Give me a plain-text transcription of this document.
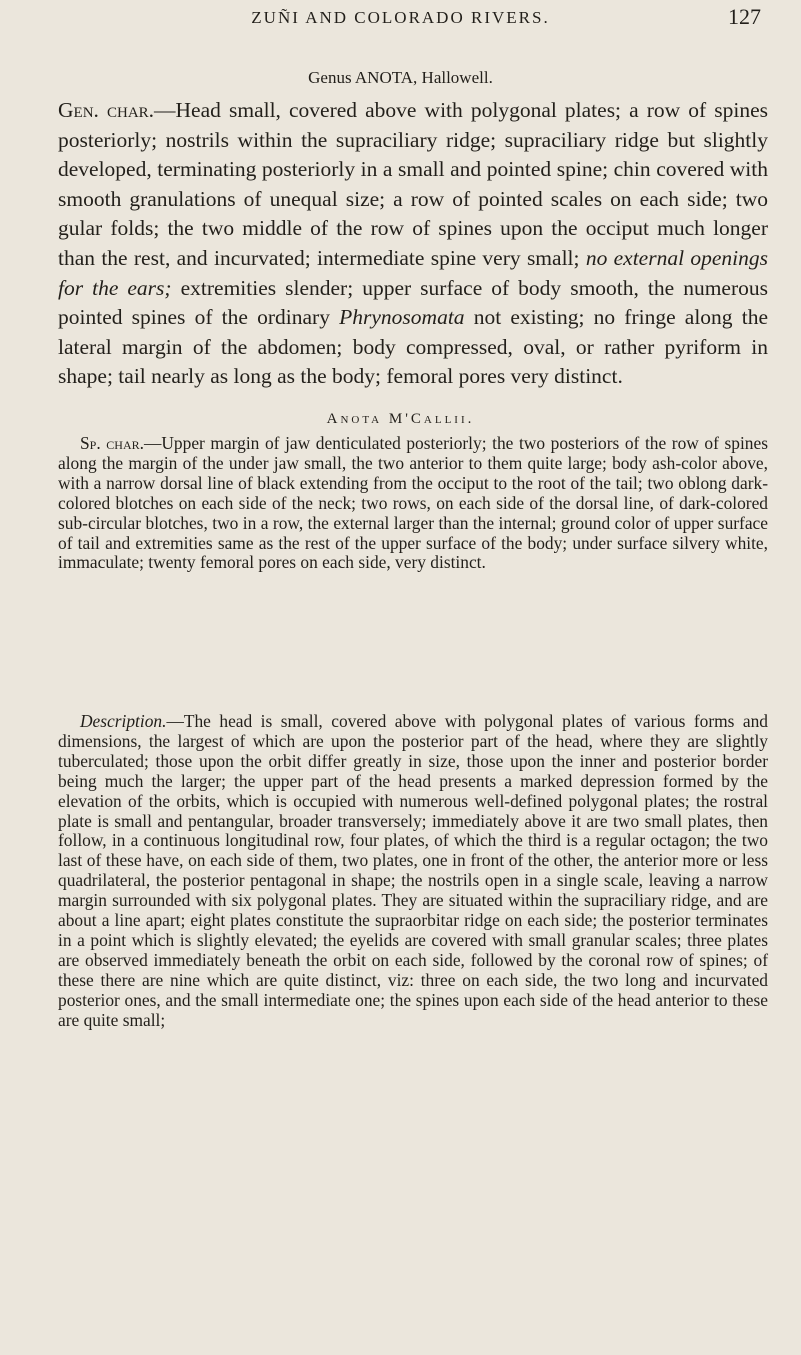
ZUÑI AND COLORADO RIVERS.	127
Genus ANOTA, Hallowell.

Gen. char.—Head small, covered above with polygonal plates; a row of spines posteriorly; nostrils within the supraciliary ridge; supraciliary ridge but slightly developed, terminating posteriorly in a small and pointed spine; chin covered with smooth granulations of unequal size; a row of pointed scales on each side; two gular folds; the two middle of the row of spines upon the occiput much longer than the rest, and incurvated; intermediate spine very small; no external openings for the ears; extremities slender; upper surface of body smooth, the numerous pointed spines of the ordinary Phrynosomata not existing; no fringe along the lateral margin of the abdomen; body compressed, oval, or rather pyriform in shape; tail nearly as long as the body; femoral pores very distinct.

Anota M'Callii.

Sp. char.—Upper margin of jaw denticulated posteriorly; the two posteriors of the row of spines along the margin of the under jaw small, the two anterior to them quite large; body ash-color above, with a narrow dorsal line of black extending from the occiput to the root of the tail; two oblong dark-colored blotches on each side of the neck; two rows, on each side of the dorsal line, of dark-colored sub-circular blotches, two in a row, the external larger than the internal; ground color of upper surface of tail and extremities same as the rest of the upper surface of the body; under surface silvery white, immaculate; twenty femoral pores on each side, very distinct.

Description.—The head is small, covered above with polygonal plates of various forms and dimensions, the largest of which are upon the posterior part of the head, where they are slightly tuberculated; those upon the orbit differ greatly in size, those upon the inner and posterior border being much the larger; the upper part of the head presents a marked depression formed by the elevation of the orbits, which is occupied with numerous well-defined polygonal plates; the rostral plate is small and pentangular, broader transversely; immediately above it are two small plates, then follow, in a continuous longitudinal row, four plates, of which the third is a regular octagon; the two last of these have, on each side of them, two plates, one in front of the other, the anterior more or less quadrilateral, the posterior pentagonal in shape; the nostrils open in a single scale, leaving a narrow margin surrounded with six polygonal plates. They are situated within the supraciliary ridge, and are about a line apart; eight plates constitute the supraorbitar ridge on each side; the posterior terminates in a point which is slightly elevated; the eyelids are covered with small granular scales; three plates are observed immediately beneath the orbit on each side, followed by the coronal row of spines; of these there are nine which are quite distinct, viz: three on each side, the two long and incurvated posterior ones, and the small intermediate one; the spines upon each side of the head anterior to these are quite small;
